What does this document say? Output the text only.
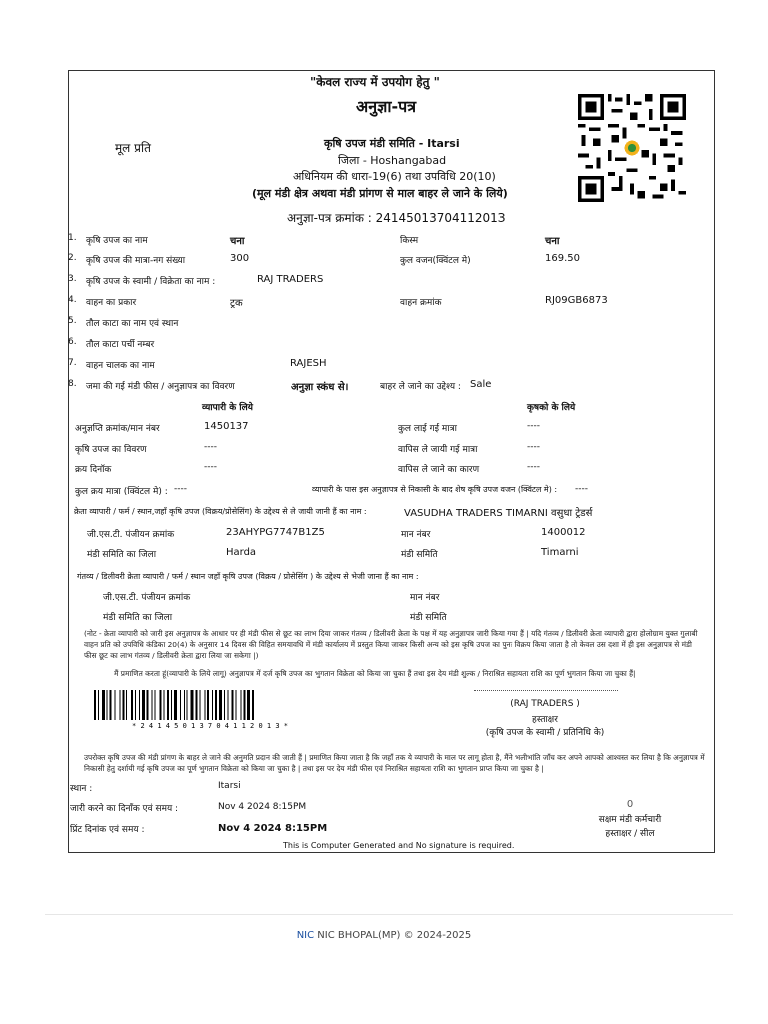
"केवल राज्य में उपयोग हेतु "
अनुज्ञा-पत्र
मूल प्रति	कृषि उपज मंडी समिति - Itarsi
जिला - Hoshangabad
अधिनियम की धारा-19(6) तथा उपविधि 20(10)
(मूल मंडी क्षेत्र अथवा मंडी प्रांगण से माल बाहर ले जाने के लिये)
अनुज्ञा-पत्र क्रमांक : 2414501370411201З
1. कृषि उपज का नाम	चना	किस्म	चना
2. कृषि उपज की मात्रा-नग संख्या	300	कुल वजन(क्विंटल मे)	169.50
3. कृषि उपज के स्वामी / विक्रेता का नाम :	RAJ TRADERS
4. वाहन का प्रकार	ट्रक	वाहन क्रमांक	RJ09GB6873
5. तौल काटा का नाम एवं स्थान
6. तौल काटा पर्ची नम्बर
7. वाहन चालक का नाम	RAJESH
8. जमा की गई मंडी फीस / अनुज्ञापत्र का विवरण	अनुज्ञा स्कंध से।	बाहर ले जाने का उद्देश्य : Sale
व्यापारी के लिये	कृषको के लिये
अनुज्ञप्ति क्रमांक/मान नंबर	1450137	कुल लाई गई मात्रा	----
कृषि उपज का विवरण	----	वापिस ले जायी गई मात्रा	----
क्रय दिनॉक	----	वापिस ले जाने का कारण	----
कुल क्रय मात्रा (क्विंटल मे) : ----	व्यापारी के पास इस अनुज्ञापत्र से निकासी के बाद शेष कृषि उपज वजन (क्विंटल मे) : ----
क्रेता व्यापारी / फर्म / स्थान,जहॉं कृषि उपज (विक्रय/प्रोसेसिंग) के उद्देश्य से ले जायी जानी हैं का नाम :	VASUDHA TRADERS TIMARNI वसुधा ट्रेडर्स
जी.एस.टी. पंजीयन क्रमांक	23AHYPG7747B1Z5	मान नंबर	1400012
मंडी समिति का जिला	Harda	मंडी समिति	Timarni
गंतव्य / डिलीवरी क्रेता व्यापारी / फर्म / स्थान जहॉं कृषि उपज (विक्रय / प्रोसेसिंग ) के उद्देश्य से भेजी जाना हैं का नाम :
जी.एस.टी. पंजीयन क्रमांक	मान नंबर
मंडी समिति का जिला	मंडी समिति
(नोट - क्रेता व्यापारी को जारी इस अनुज्ञापत्र के आधार पर ही मंडी फीस से छूट का लाभ दिया जाकर गंतव्य / डिलीवरी क्रेता के पक्ष में यह अनुज्ञापत्र जारी किया गया हैं | यदि गंतव्य / डिलीवरी क्रेता व्यापारी द्वारा होलोग्राम युक्त गुलाबी वाहन प्रति को उपविधि कंडिका 20(4) के अनुसार 14 दिवस की विहित समयावधि में मंडी कार्यालय में प्रस्तुत किया जाकर किसी अन्य को इस कृषि उपज का पुनः विक्रय किया जाता है तो केवल उस दशा में ही इस अनुज्ञापत्र से मंडी फीस छूट का लाभ गंतव्य / डिलीवरी क्रेता द्वारा लिया जा सकेगा |)
मैं प्रमाणित करता हूं(व्यापारी के लिये लागू) अनुज्ञापत्र में दर्ज कृषि उपज का भुगतान विक्रेता को किया जा चुका हैं तथा इस देय मंडी शुल्क / निराश्रित सहायता राशि का पूर्ण भुगतान किया जा चुका हैं|
(RAJ TRADERS )
हस्ताक्षर
(कृषि उपज के स्वामी / प्रतिनिधि के)
* 2 4 1 4 5 0 1 3 7 0 4 1 1 2 0 1 3 *
उपरोक्त कृषि उपज की मंडी प्रांगण के बाहर ले जाने की अनुमति प्रदान की जाती हैं | प्रमाणित किया जाता है कि जहॉं तक ये व्यापारी के माल पर लागू होता है, मैंने भलीभांति जॉंच कर अपने आपको आश्वस्त कर लिया है कि अनुज्ञापत्र में निकासी हेतु दर्शायी गई कृषि उपज का पूर्ण भुगतान विक्रेता को किया जा चुका है | तथा इस पर देय मंडी फीस एवं निराश्रित सहायता राशि का भुगतान प्राप्त किया जा चुका है |
स्थान :	Itarsi
जारी करने का दिनॉंक एवं समय :	Nov 4 2024 8:15PM
प्रिंट दिनांक एवं समय :	Nov 4 2024 8:15PM
0
सक्षम मंडी कर्मचारी
हस्ताक्षर / सील
This is Computer Generated and No signature is required.
NIC NIC BHOPAL(MP) © 2024-2025
